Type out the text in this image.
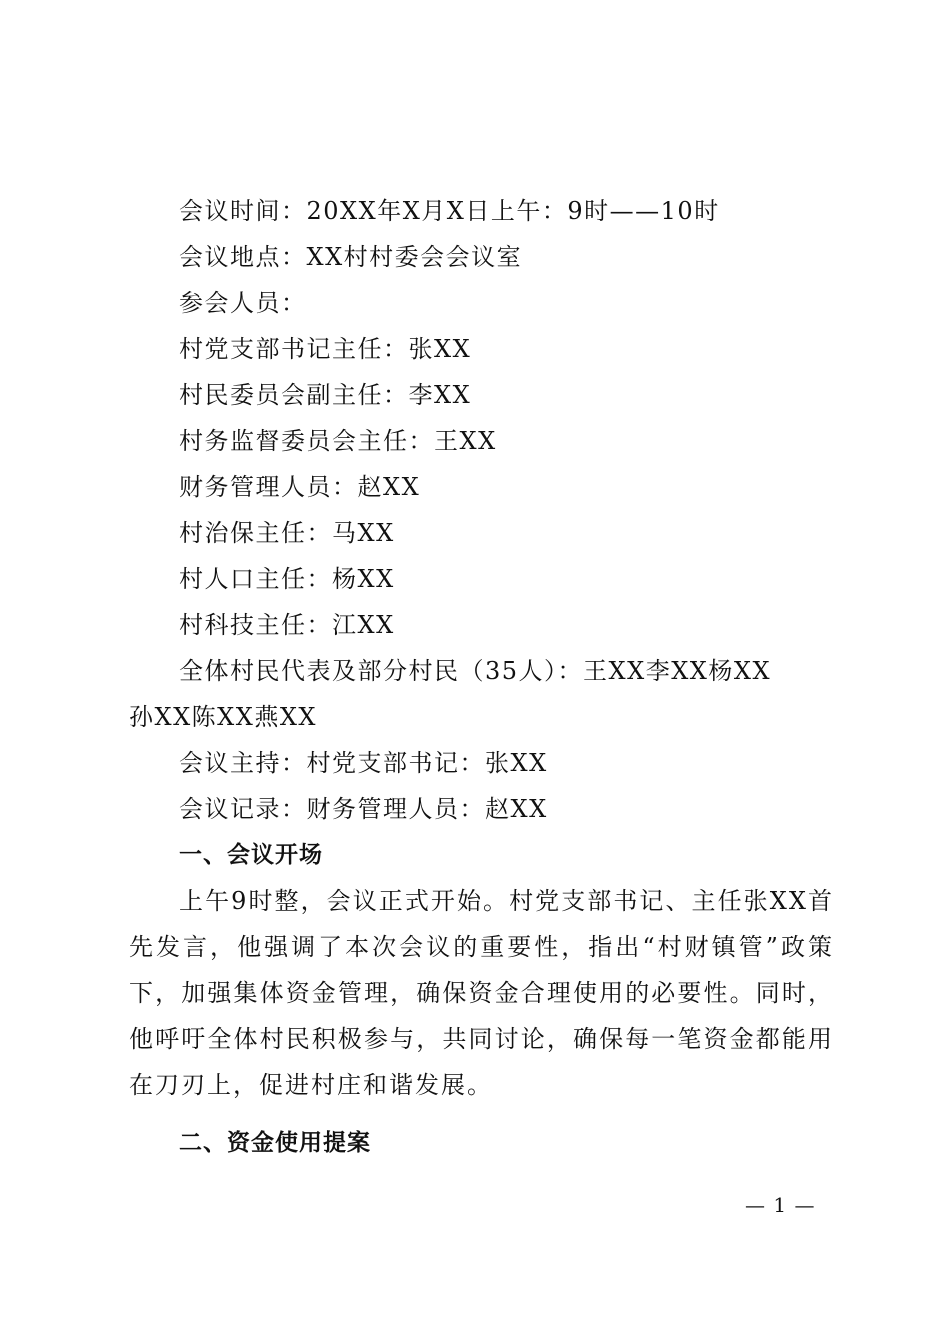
会议时间：20XX年X月X日上午：9时——10时
会议地点：XX村村委会会议室
参会人员：
村党支部书记主任：张XX
村民委员会副主任：李XX
村务监督委员会主任：王XX
财务管理人员：赵XX
村治保主任：马XX
村人口主任：杨XX
村科技主任：江XX
全体村民代表及部分村民（35人）：王XX李XX杨XX
孙XX陈XX燕XX
会议主持：村党支部书记：张XX
会议记录：财务管理人员：赵XX
一、会议开场

上午9时整，会议正式开始。村党支部书记、主任张XX首先发言，他强调了本次会议的重要性，指出“村财镇管”政策下，加强集体资金管理，确保资金合理使用的必要性。同时，他呼吁全体村民积极参与，共同讨论，确保每一笔资金都能用在刀刃上，促进村庄和谐发展。

二、资金使用提案
— 1 —
